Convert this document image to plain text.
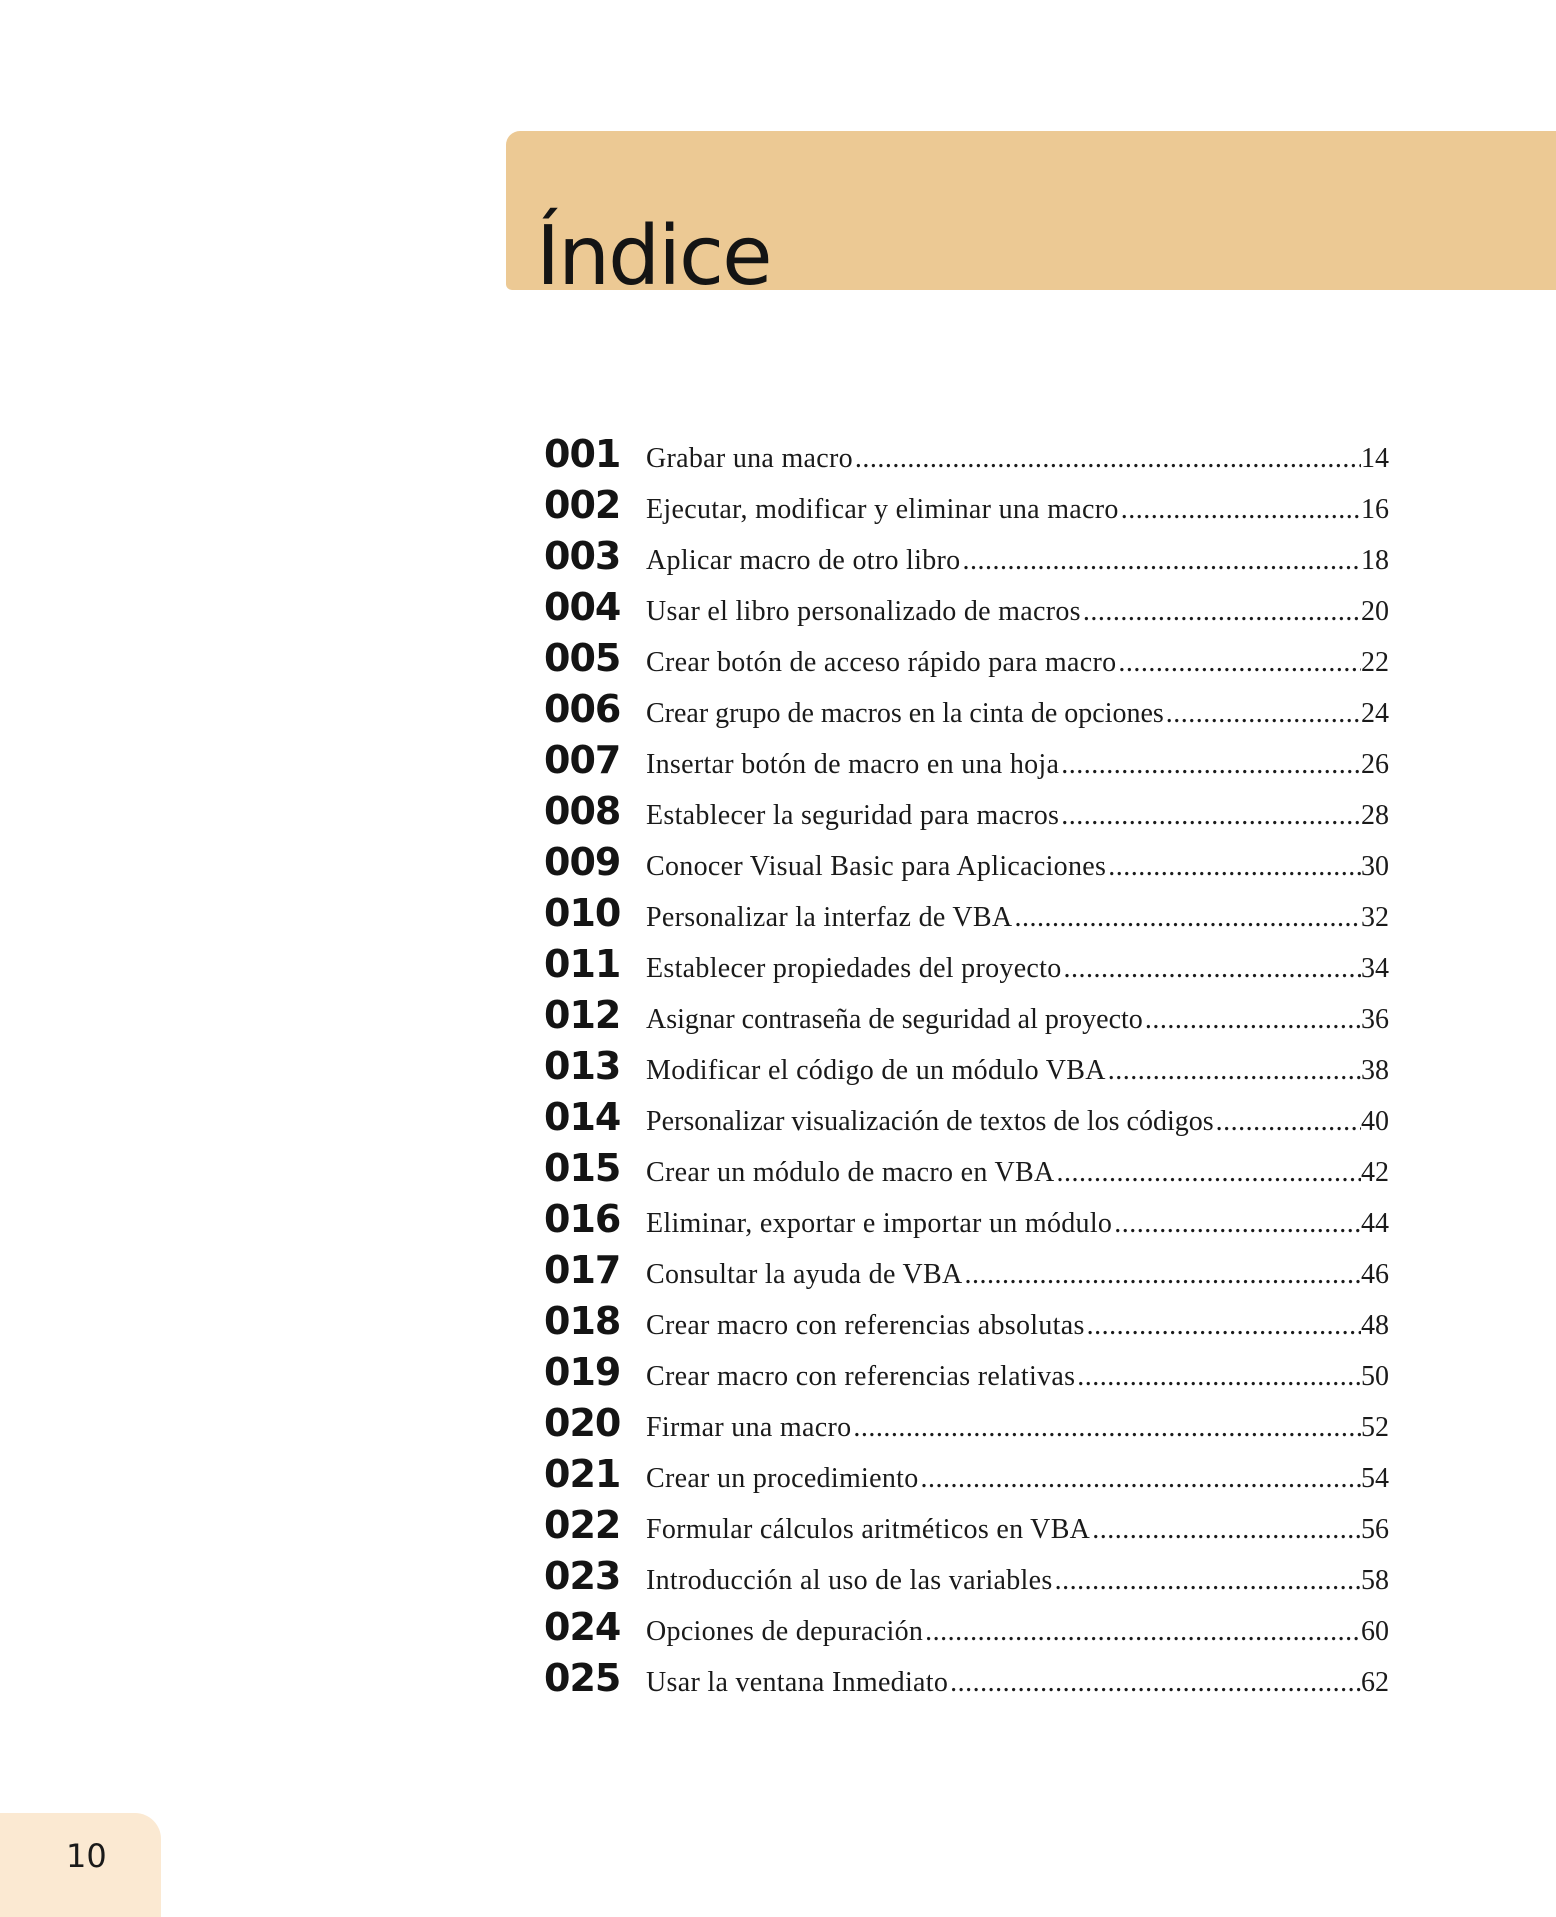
Índice
001 Grabar una macro .....	14
002 Ejecutar, modificar y eliminar una macro .....	16
003 Aplicar macro de otro libro .....	18
004 Usar el libro personalizado de macros .....	20
005 Crear botón de acceso rápido para macro .....	22
006 Crear grupo de macros en la cinta de opciones .....	24
007 Insertar botón de macro en una hoja .....	26
008 Establecer la seguridad para macros .....	28
009 Conocer Visual Basic para Aplicaciones .....	30
010 Personalizar la interfaz de VBA .....	32
011 Establecer propiedades del proyecto .....	34
012 Asignar contraseña de seguridad al proyecto .....	36
013 Modificar el código de un módulo VBA .....	38
014 Personalizar visualización de textos de los códigos .....	40
015 Crear un módulo de macro en VBA .....	42
016 Eliminar, exportar e importar un módulo .....	44
017 Consultar la ayuda de VBA .....	46
018 Crear macro con referencias absolutas .....	48
019 Crear macro con referencias relativas .....	50
020 Firmar una macro .....	52
021 Crear un procedimiento .....	54
022 Formular cálculos aritméticos en VBA .....	56
023 Introducción al uso de las variables .....	58
024 Opciones de depuración .....	60
025 Usar la ventana Inmediato .....	62
10
